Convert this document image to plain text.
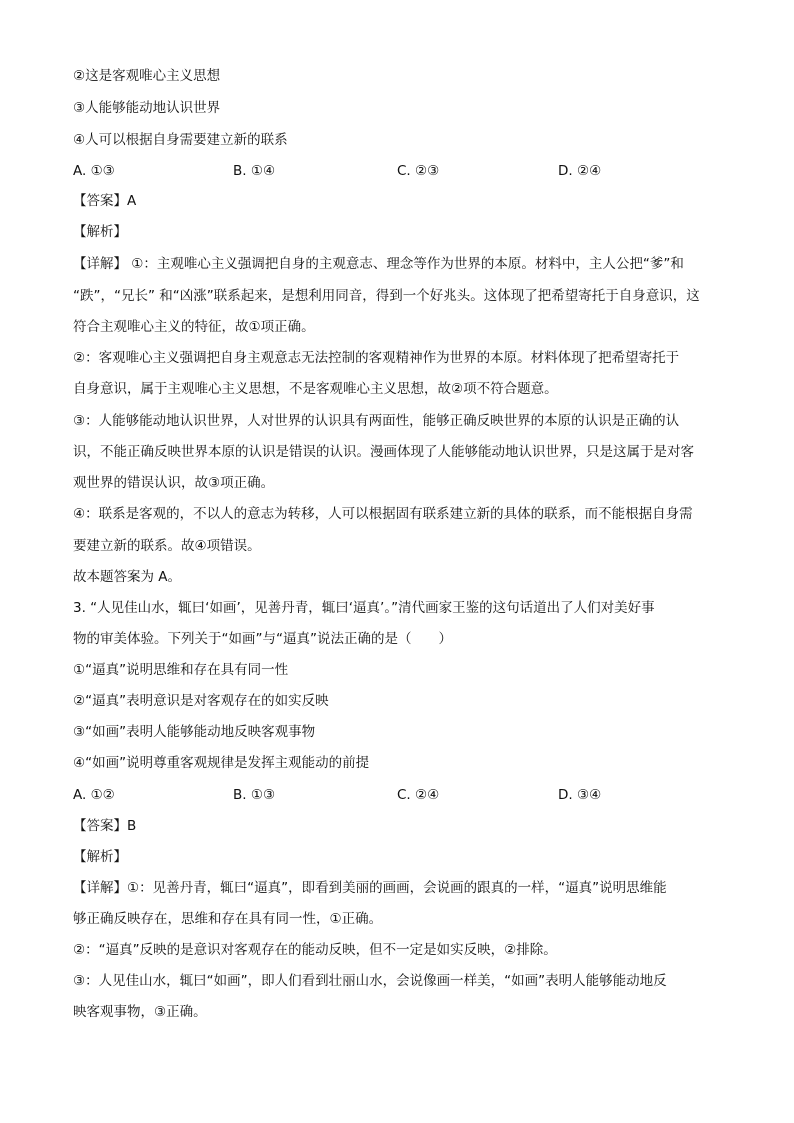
②这是客观唯心主义思想
③人能够能动地认识世界
④人可以根据自身需要建立新的联系
A. ①③	B. ①④	C. ②③	D. ②④
【答案】A
【解析】
【详解】 ①：主观唯心主义强调把自身的主观意志、理念等作为世界的本原。材料中，主人公把“爹”和
“跌”，“兄长” 和“凶涨”联系起来，是想利用同音，得到一个好兆头。这体现了把希望寄托于自身意识，这
符合主观唯心主义的特征，故①项正确。
②：客观唯心主义强调把自身主观意志无法控制的客观精神作为世界的本原。材料体现了把希望寄托于
自身意识，属于主观唯心主义思想，不是客观唯心主义思想，故②项不符合题意。
③：人能够能动地认识世界，人对世界的认识具有两面性，能够正确反映世界的本原的认识是正确的认
识，不能正确反映世界本原的认识是错误的认识。漫画体现了人能够能动地认识世界，只是这属于是对客
观世界的错误认识，故③项正确。
④：联系是客观的，不以人的意志为转移，人可以根据固有联系建立新的具体的联系，而不能根据自身需
要建立新的联系。故④项错误。
故本题答案为 A。
3. “人见佳山水，辄曰‘如画’，见善丹青，辄曰‘逼真’。”清代画家王鉴的这句话道出了人们对美好事
物的审美体验。下列关于“如画”与“逼真”说法正确的是（　　）
①“逼真”说明思维和存在具有同一性
②“逼真”表明意识是对客观存在的如实反映
③“如画”表明人能够能动地反映客观事物
④“如画”说明尊重客观规律是发挥主观能动的前提
A. ①②	B. ①③	C. ②④	D. ③④
【答案】B
【解析】
【详解】①：见善丹青，辄曰“逼真”，即看到美丽的画画，会说画的跟真的一样，“逼真”说明思维能
够正确反映存在，思维和存在具有同一性，①正确。
②：“逼真”反映的是意识对客观存在的能动反映，但不一定是如实反映，②排除。
③：人见佳山水，辄曰“如画”，即人们看到壮丽山水，会说像画一样美，“如画”表明人能够能动地反
映客观事物，③正确。
